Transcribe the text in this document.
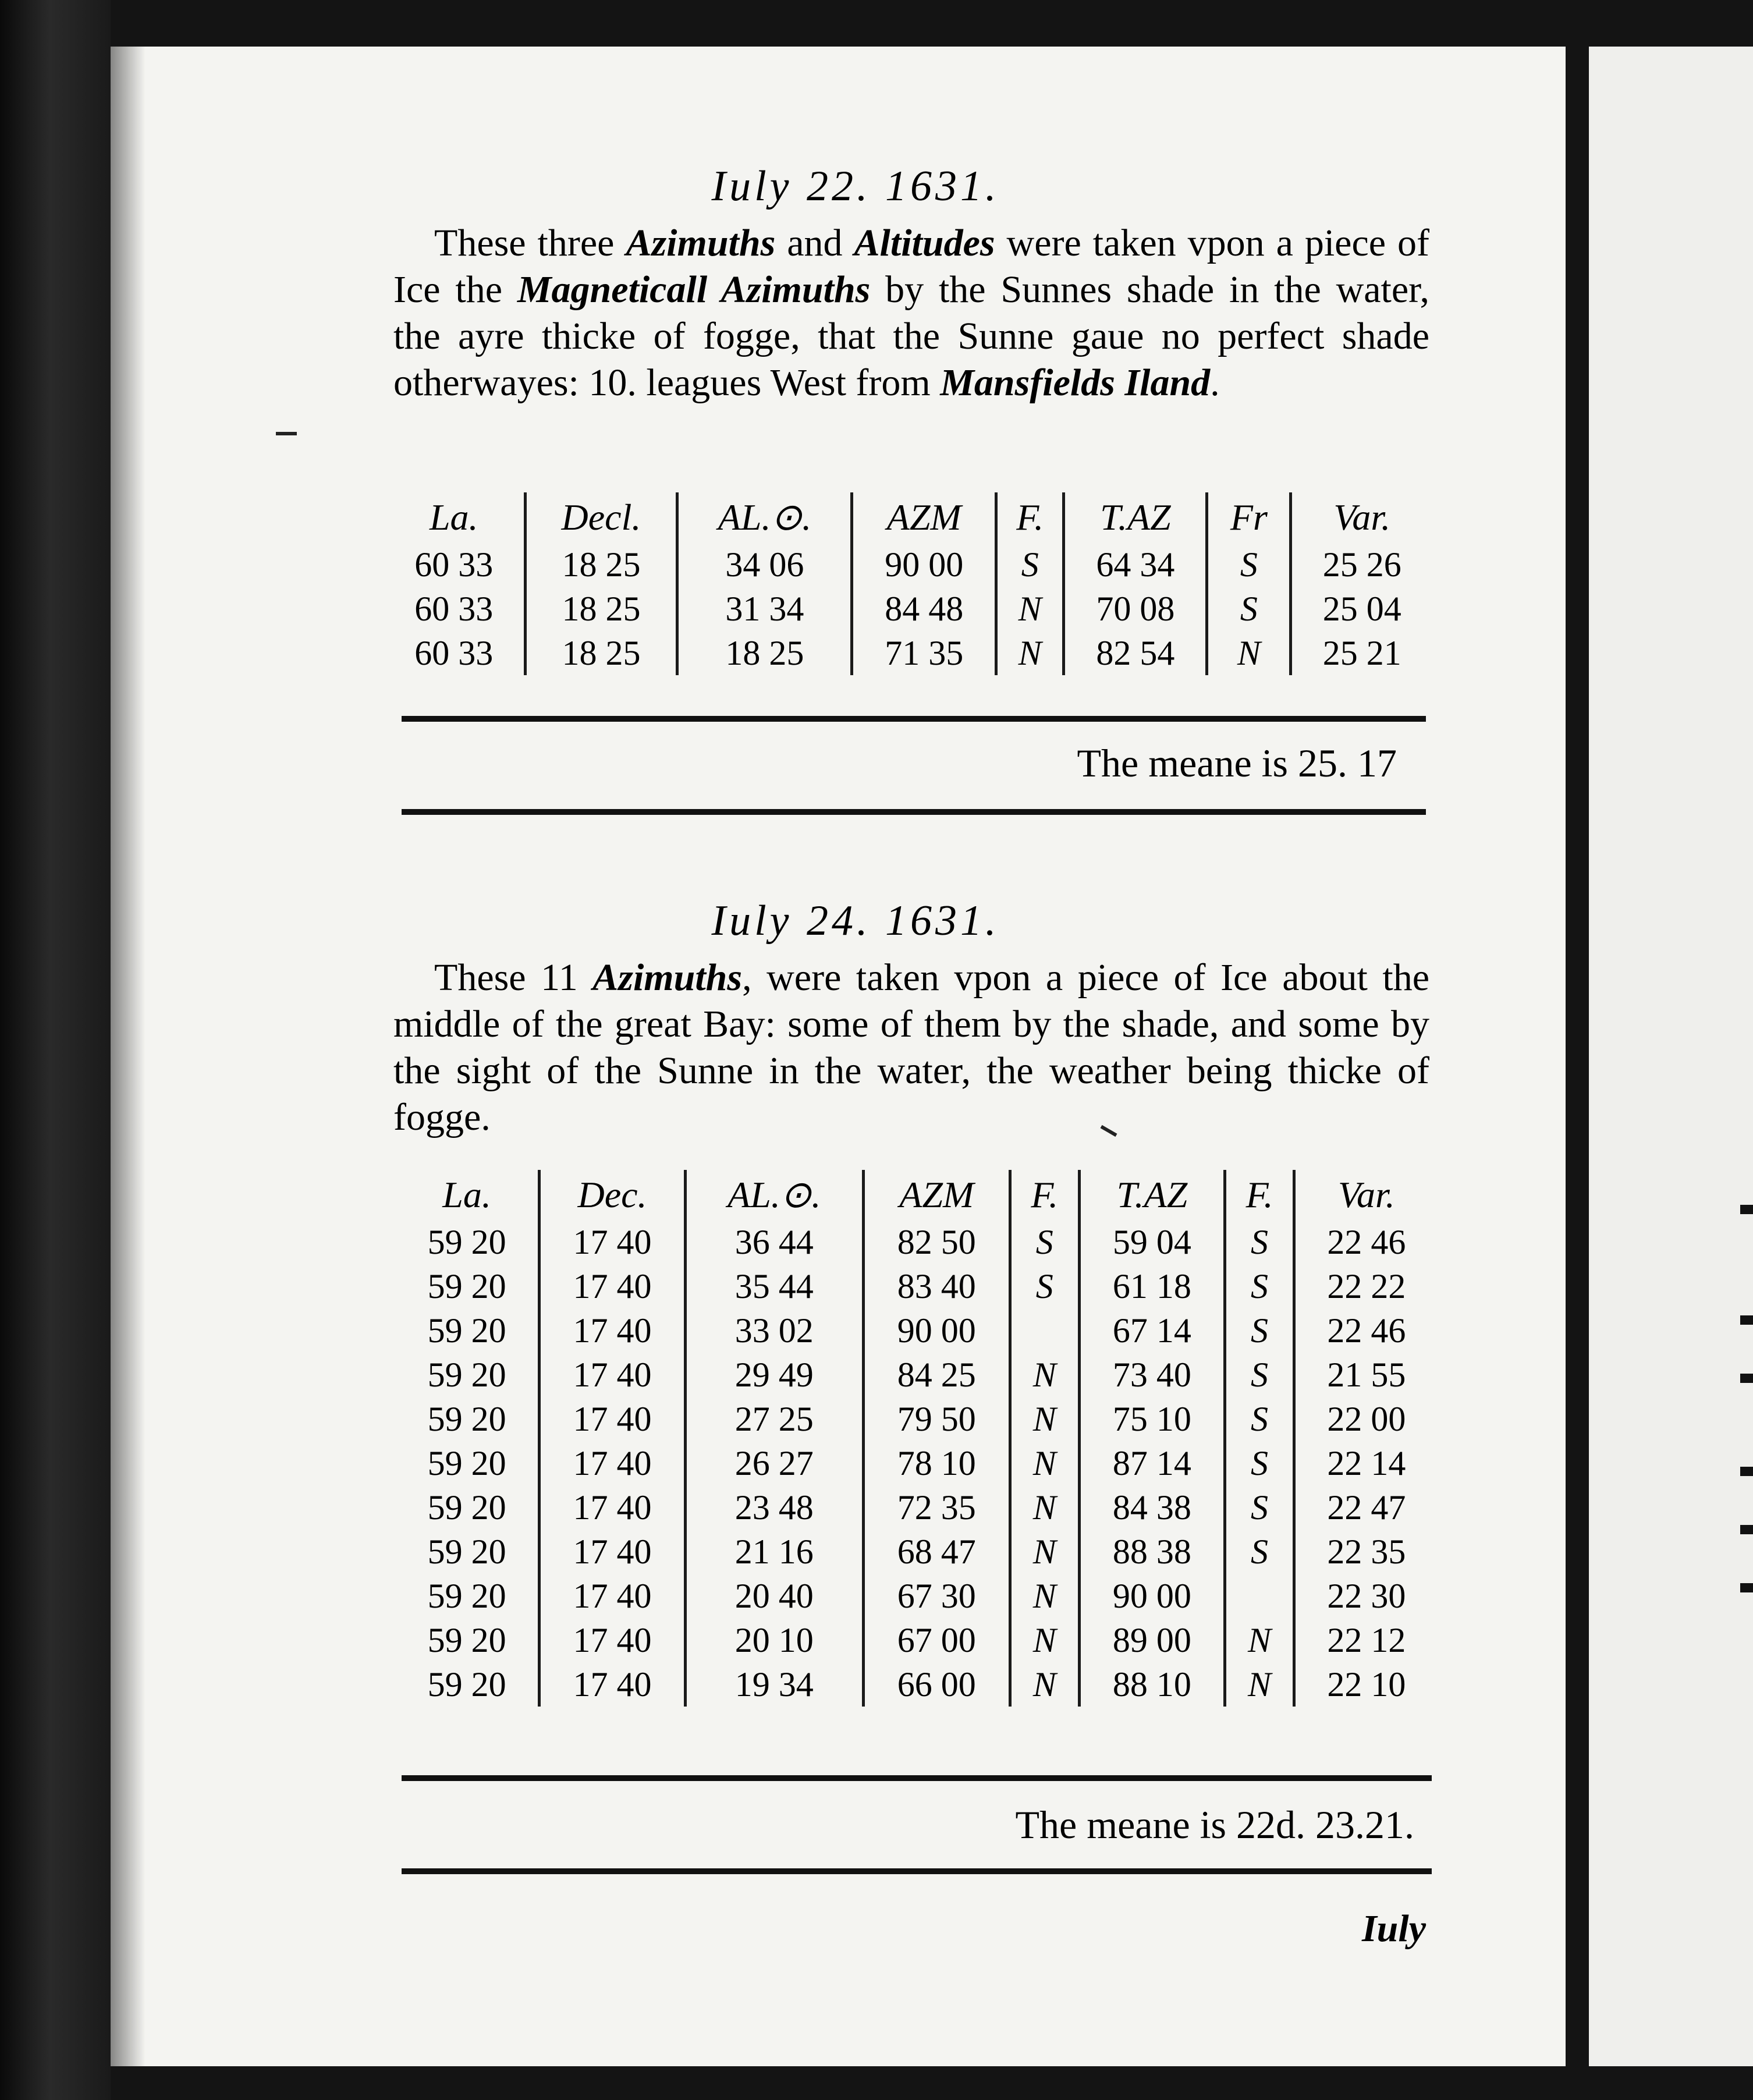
Iuly 22. 1631.
These three Azimuths and Altitudes were taken vpon a piece of Ice the Magneticall Azimuths by the Sunnes shade in the water, the ayre thicke of fogge, that the Sunne gaue no perfect shade otherwayes: 10. leagues West from Mansfields Iland.
La.	Decl.	AL.⊙.	AZM	F.	T.AZ	Fr	Var.
60 33	18 25	34 06	90 00	S	64 34	S	25 26
60 33	18 25	31 34	84 48	N	70 08	S	25 04
60 33	18 25	18 25	71 35	N	82 54	N	25 21
The meane is 25. 17
Iuly 24. 1631.
These 11 Azimuths, were taken vpon a piece of Ice about the middle of the great Bay: some of them by the shade, and some by the sight of the Sunne in the water, the weather being thicke of fogge.
La.	Dec.	AL.⊙.	AZM	F.	T.AZ	F.	Var.
59 20	17 40	36 44	82 50	S	59 04	S	22 46
59 20	17 40	35 44	83 40	S	61 18	S	22 22
59 20	17 40	33 02	90 00		67 14	S	22 46
59 20	17 40	29 49	84 25	N	73 40	S	21 55
59 20	17 40	27 25	79 50	N	75 10	S	22 00
59 20	17 40	26 27	78 10	N	87 14	S	22 14
59 20	17 40	23 48	72 35	N	84 38	S	22 47
59 20	17 40	21 16	68 47	N	88 38	S	22 35
59 20	17 40	20 40	67 30	N	90 00		22 30
59 20	17 40	20 10	67 00	N	89 00	N	22 12
59 20	17 40	19 34	66 00	N	88 10	N	22 10
The meane is 22d. 23.21.
Iuly
